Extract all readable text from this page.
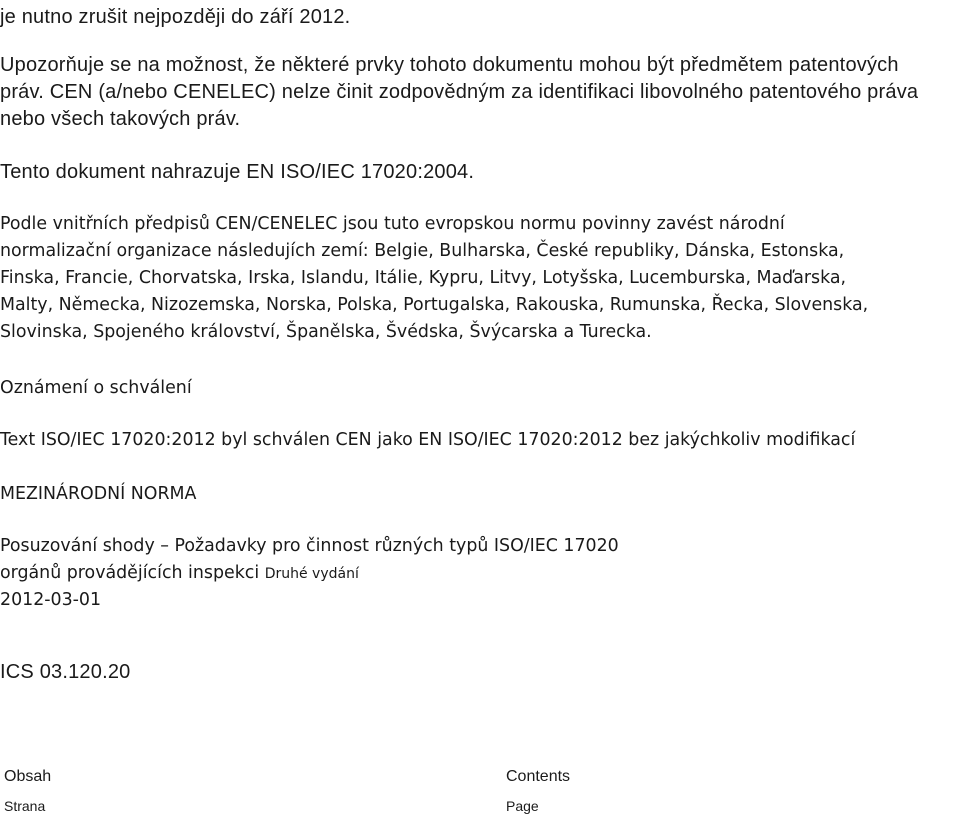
je nutno zrušit nejpozději do září 2012.

Upozorňuje se na možnost, že některé prvky tohoto dokumentu mohou být předmětem patentových

práv. CEN (a/nebo CENELEC) nelze činit zodpovědným za identifikaci libovolného patentového práva

nebo všech takových práv.

Tento dokument nahrazuje EN ISO/IEC 17020:2004.

Podle vnitřních předpisů CEN/CENELEC jsou tuto evropskou normu povinny zavést národní

normalizační organizace následujích zemí: Belgie, Bulharska, České republiky, Dánska, Estonska,

Finska, Francie, Chorvatska, Irska, Islandu, Itálie, Kypru, Litvy, Lotyšska, Lucemburska, Maďarska,

Malty, Německa, Nizozemska, Norska, Polska, Portugalska, Rakouska, Rumunska, Řecka, Slovenska,

Slovinska, Spojeného království, Španělska, Švédska, Švýcarska a Turecka.

Oznámení o schválení

Text ISO/IEC 17020:2012 byl schválen CEN jako EN ISO/IEC 17020:2012 bez jakýchkoliv modifikací

MEZINÁRODNÍ NORMA

Posuzování shody – Požadavky pro činnost různých typů ISO/IEC 17020

orgánů provádějících inspekci Druhé vydání

2012-03-01

ICS 03.120.20

Obsah
Strana
Contents
Page
